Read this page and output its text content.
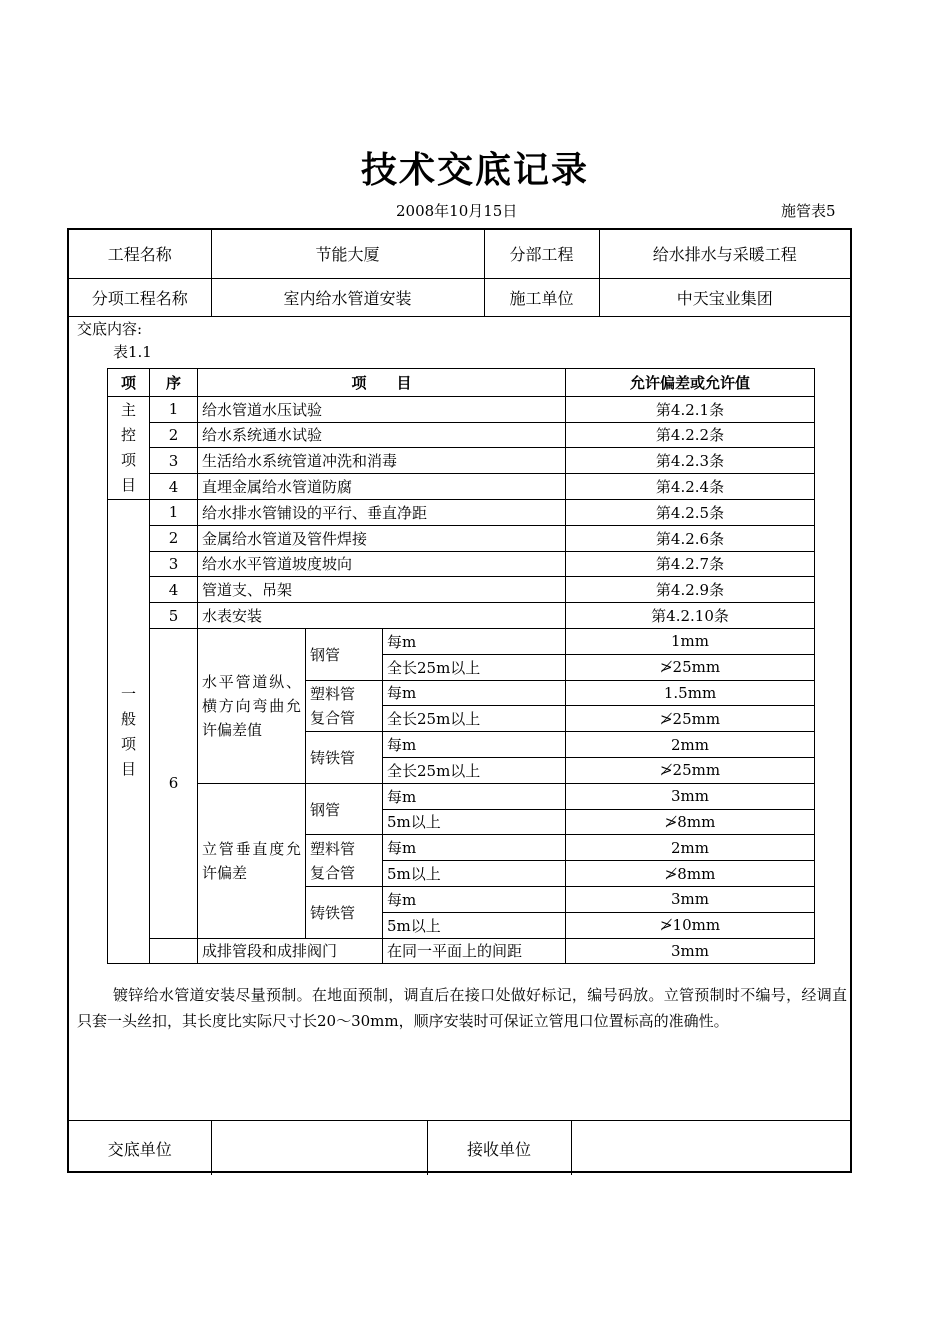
技术交底记录
2008年10月15日	施管表5
工程名称	节能大厦	分部工程	给水排水与采暖工程
分项工程名称	室内给水管道安装	施工单位	中天宝业集团
交底内容:
表1.1
项	序	项　　目			允许偏差或允许值
主控项目	1	给水管道水压试验			第4.2.1条
	2	给水系统通水试验			第4.2.2条
	3	生活给水系统管道冲洗和消毒			第4.2.3条
	4	直埋金属给水管道防腐			第4.2.4条
一般项目	1	给水排水管铺设的平行、垂直净距			第4.2.5条
	2	金属给水管道及管件焊接			第4.2.6条
	3	给水水平管道坡度坡向			第4.2.7条
	4	管道支、吊架			第4.2.9条
	5	水表安装			第4.2.10条
	6	水平管道纵、横方向弯曲允许偏差值	钢管	每m	1mm
				全长25m以上	≯25mm
			塑料管复合管	每m	1.5mm
				全长25m以上	≯25mm
			铸铁管	每m	2mm
				全长25m以上	≯25mm
		立管垂直度允许偏差	钢管	每m	3mm
				5m以上	≯8mm
			塑料管复合管	每m	2mm
				5m以上	≯8mm
			铸铁管	每m	3mm
				5m以上	≯10mm
		成排管段和成排阀门		在同一平面上的间距	3mm
镀锌给水管道安装尽量预制。在地面预制，调直后在接口处做好标记，编号码放。立管预制时不编号，经调直只套一头丝扣，其长度比实际尺寸长20～30mm，顺序安装时可保证立管甩口位置标高的准确性。
交底单位		接收单位	
